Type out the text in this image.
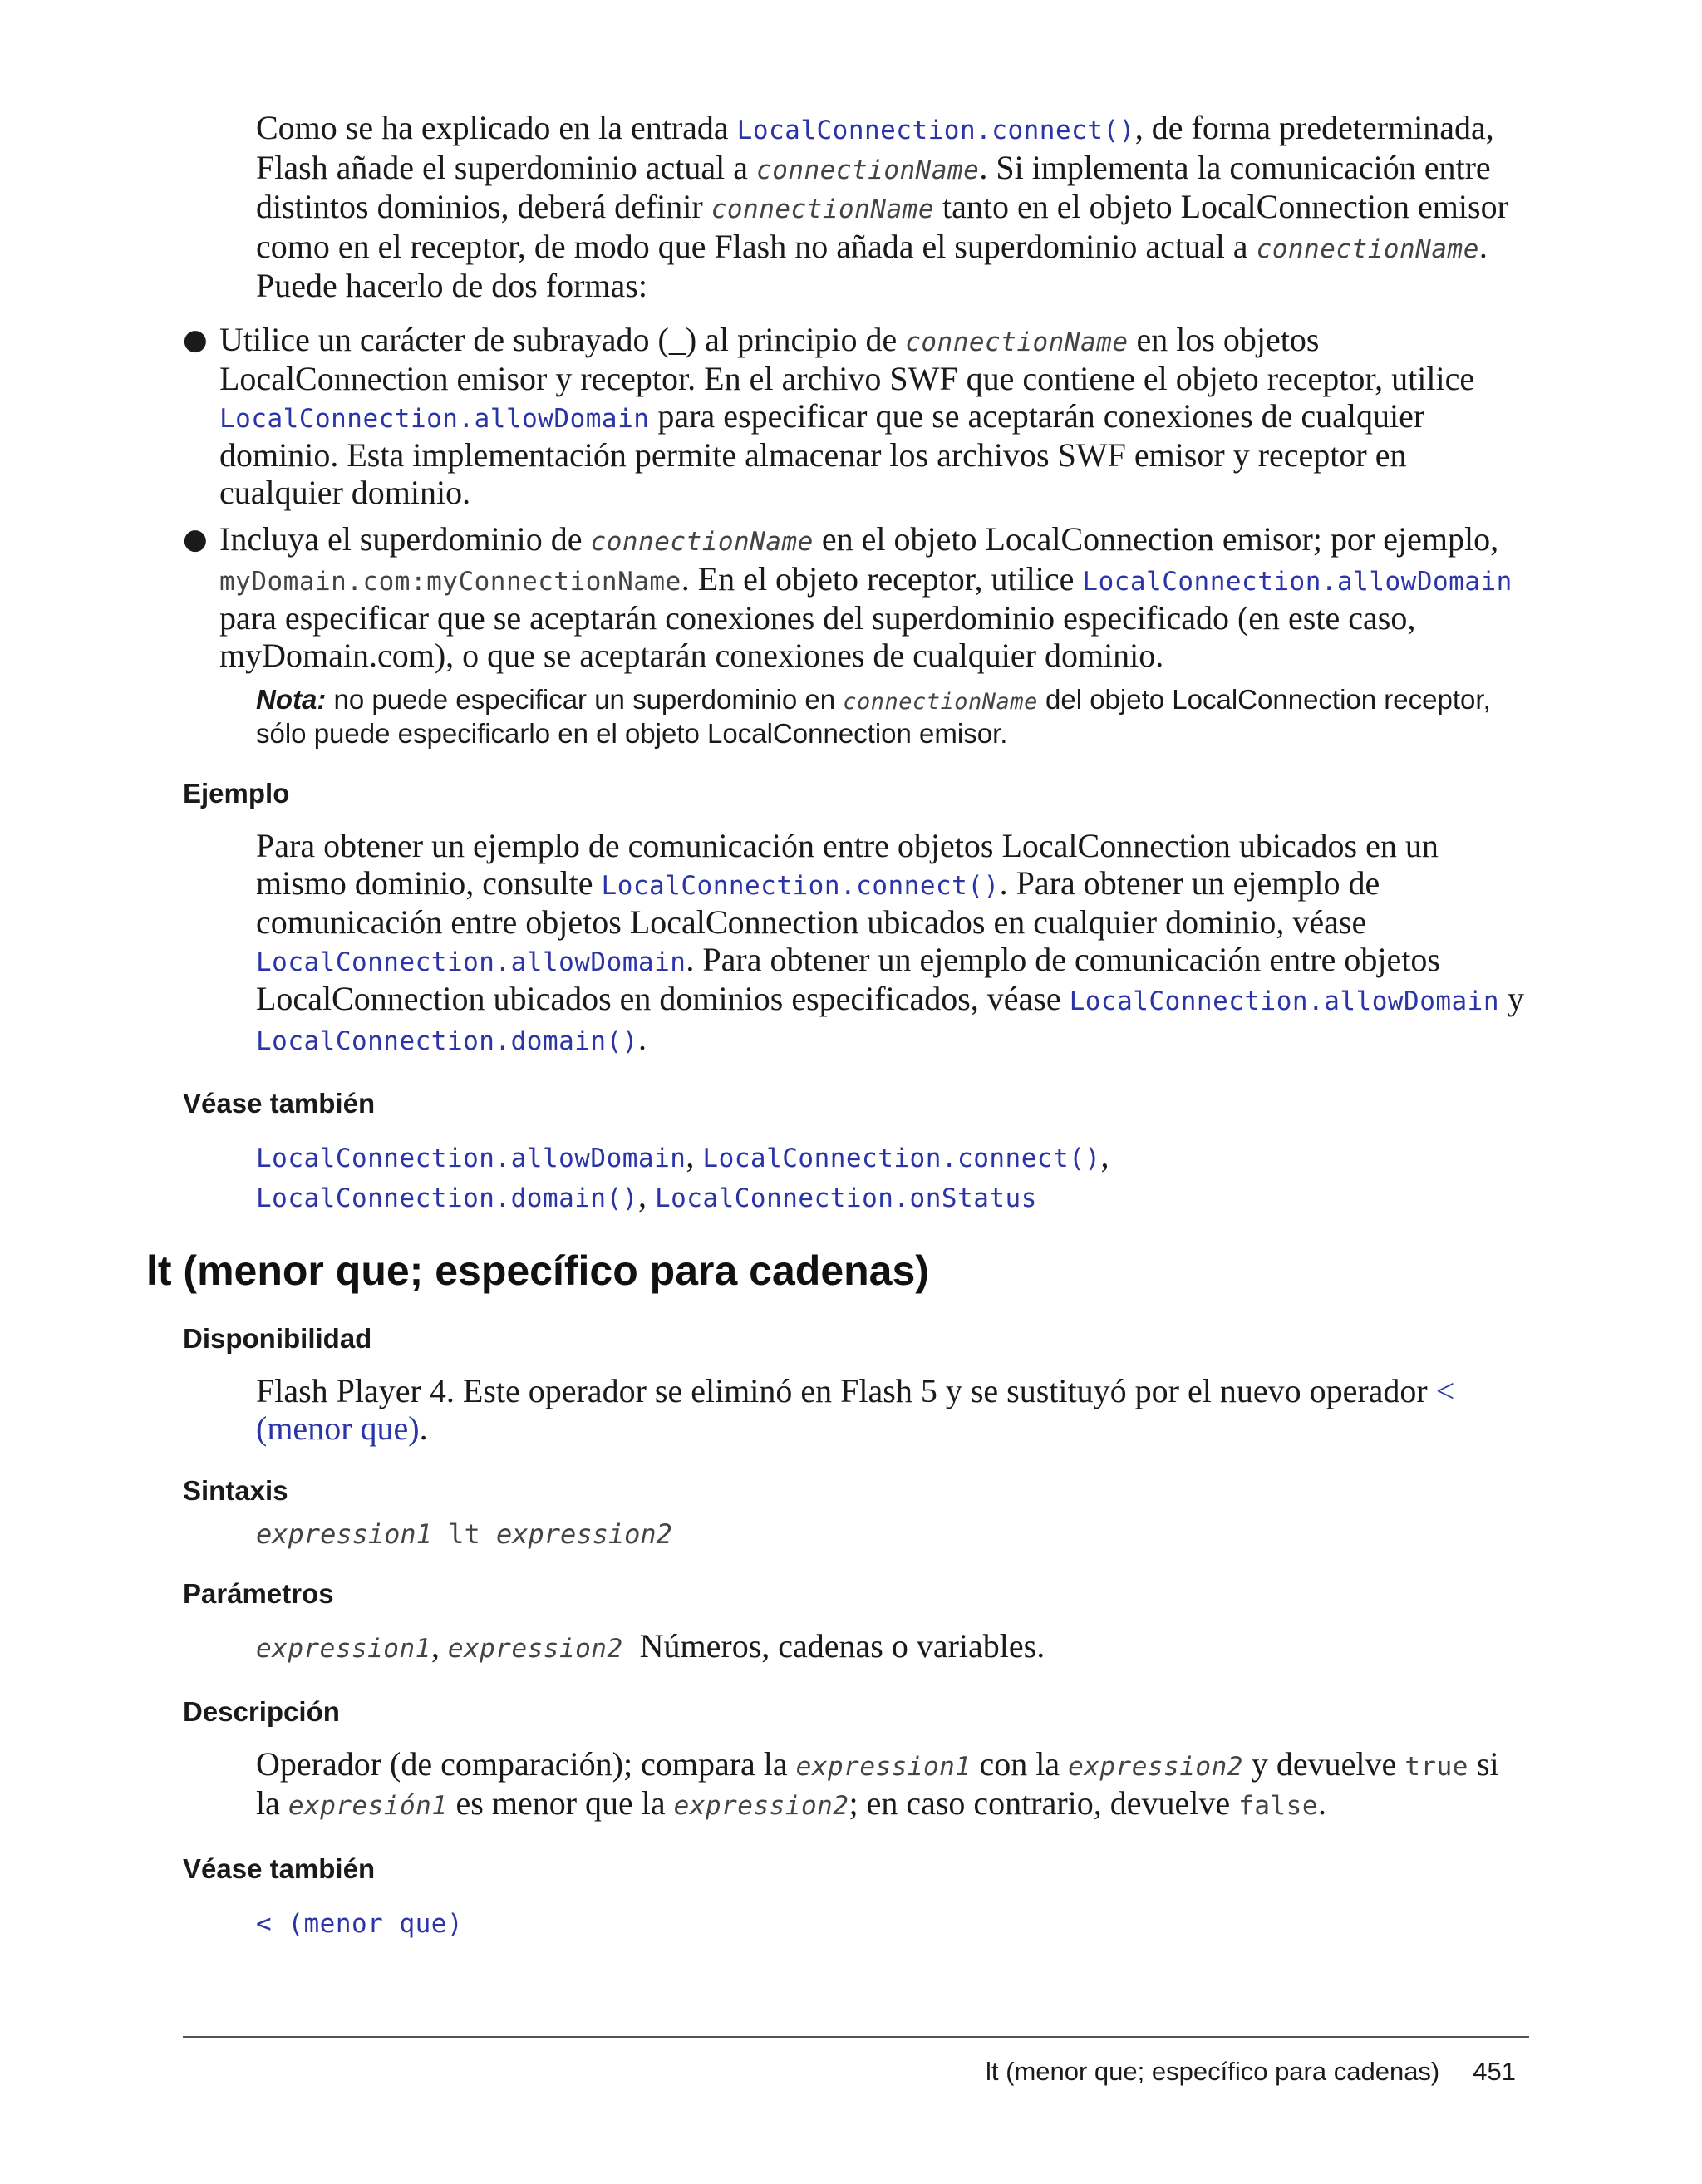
Como se ha explicado en la entrada LocalConnection.connect(), de forma predeterminada, Flash añade el superdominio actual a connectionName. Si implementa la comunicación entre distintos dominios, deberá definir connectionName tanto en el objeto LocalConnection emisor como en el receptor, de modo que Flash no añada el superdominio actual a connectionName. Puede hacerlo de dos formas:

● Utilice un carácter de subrayado (_) al principio de connectionName en los objetos LocalConnection emisor y receptor. En el archivo SWF que contiene el objeto receptor, utilice LocalConnection.allowDomain para especificar que se aceptarán conexiones de cualquier dominio. Esta implementación permite almacenar los archivos SWF emisor y receptor en cualquier dominio.
● Incluya el superdominio de connectionName en el objeto LocalConnection emisor; por ejemplo, myDomain.com:myConnectionName. En el objeto receptor, utilice LocalConnection.allowDomain para especificar que se aceptarán conexiones del superdominio especificado (en este caso, myDomain.com), o que se aceptarán conexiones de cualquier dominio.

Nota: no puede especificar un superdominio en connectionName del objeto LocalConnection receptor, sólo puede especificarlo en el objeto LocalConnection emisor.

Ejemplo

Para obtener un ejemplo de comunicación entre objetos LocalConnection ubicados en un mismo dominio, consulte LocalConnection.connect(). Para obtener un ejemplo de comunicación entre objetos LocalConnection ubicados en cualquier dominio, véase LocalConnection.allowDomain. Para obtener un ejemplo de comunicación entre objetos LocalConnection ubicados en dominios especificados, véase LocalConnection.allowDomain y LocalConnection.domain().

Véase también

LocalConnection.allowDomain, LocalConnection.connect(),
LocalConnection.domain(), LocalConnection.onStatus

lt (menor que; específico para cadenas)
Disponibilidad

Flash Player 4. Este operador se eliminó en Flash 5 y se sustituyó por el nuevo operador < (menor que).

Sintaxis
expression1 lt expression2
Parámetros

expression1, expression2  Números, cadenas o variables.

Descripción

Operador (de comparación); compara la expression1 con la expression2 y devuelve true si la expresión1 es menor que la expression2; en caso contrario, devuelve false.

Véase también

< (menor que)

lt (menor que; específico para cadenas) 451
